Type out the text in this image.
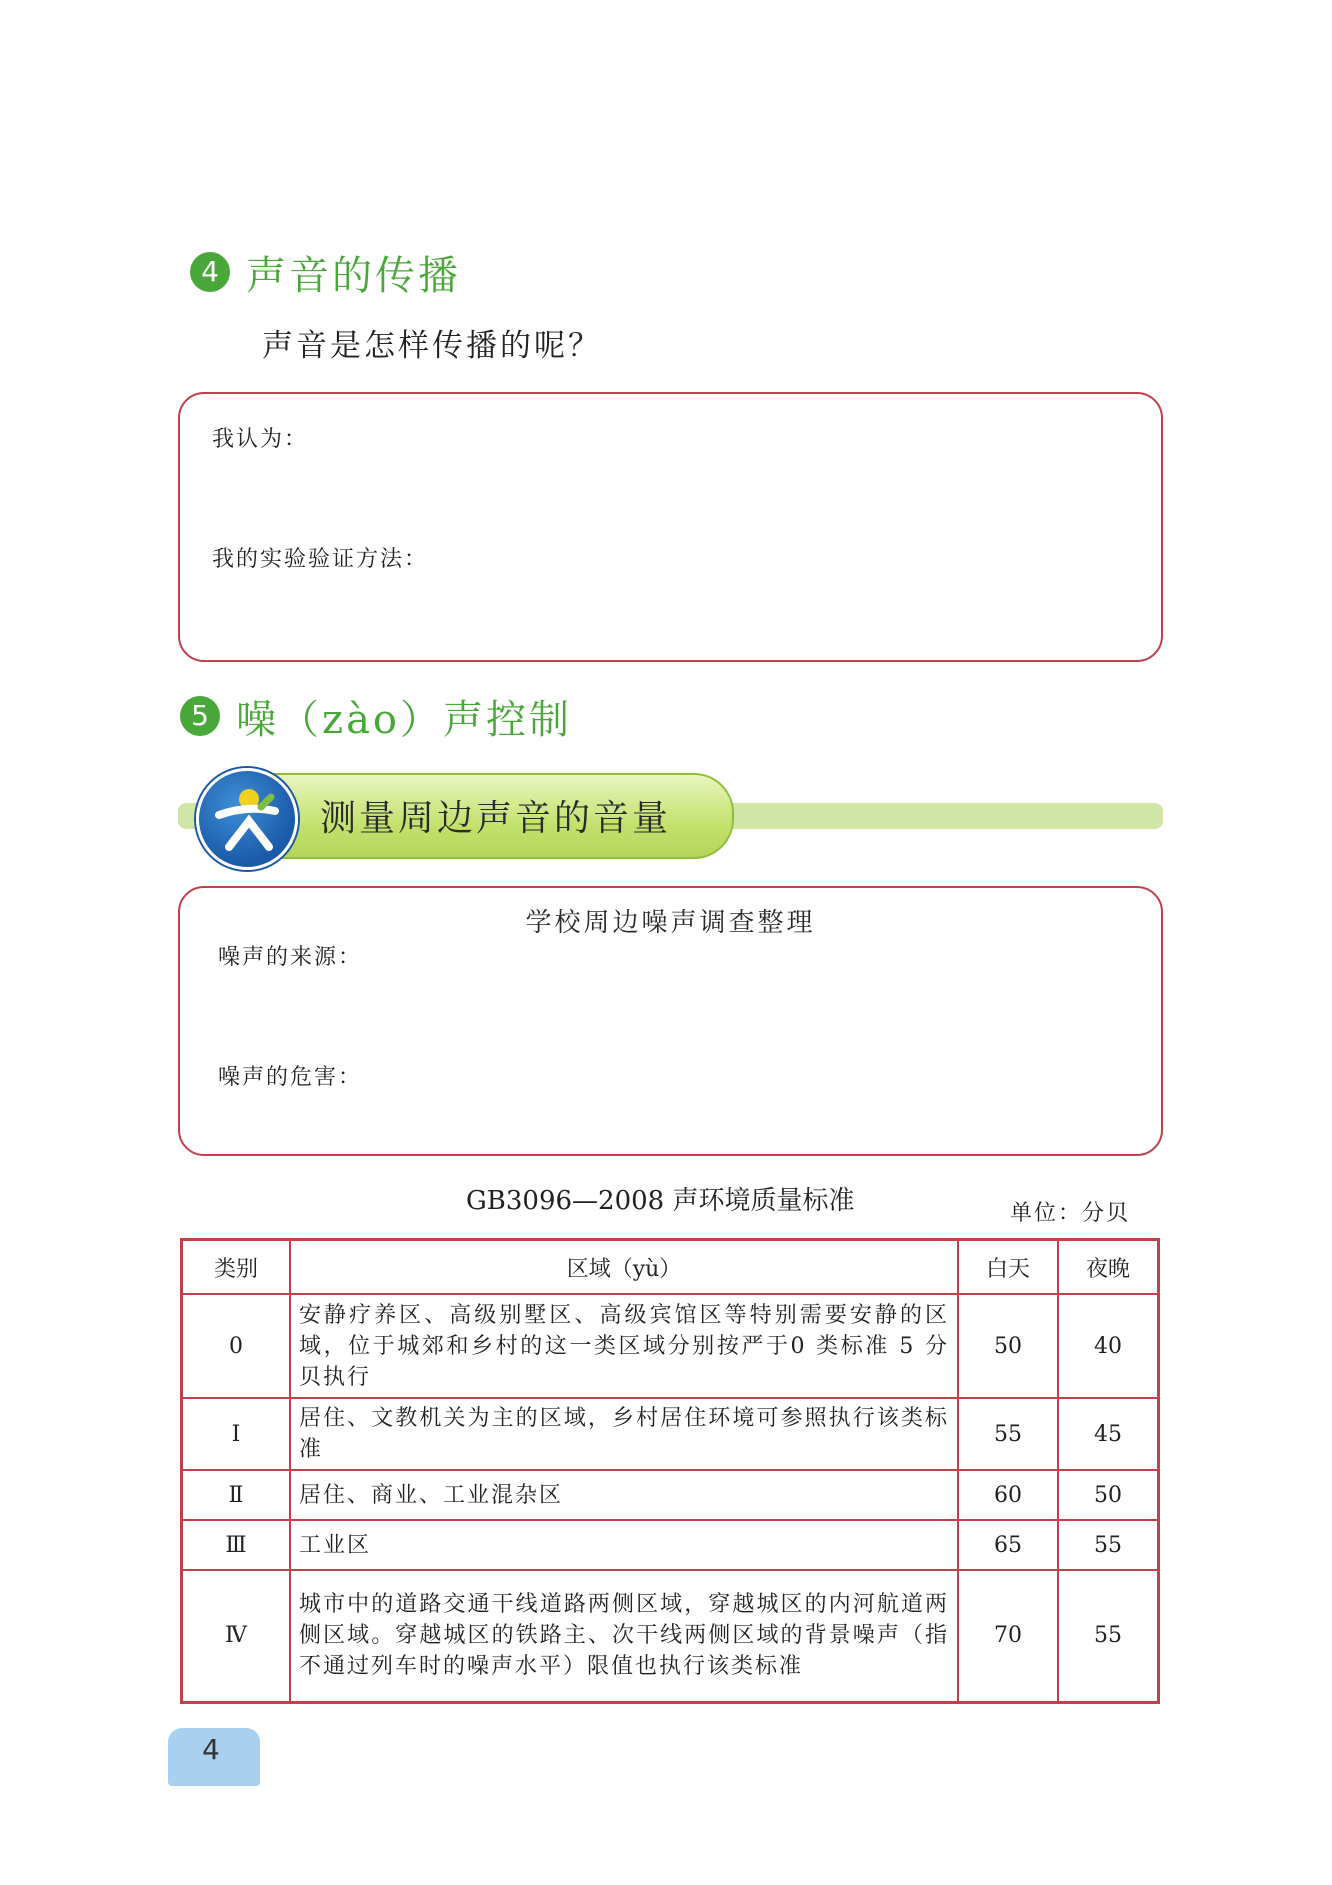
4 声音的传播
声音是怎样传播的呢？
我认为：
我的实验验证方法：
5 噪（zào）声控制
测量周边声音的音量
学校周边噪声调查整理
噪声的来源：
噪声的危害：
GB3096—2008 声环境质量标准	单位：分贝
类别	区域（yù）	白天	夜晚
0	安静疗养区、高级别墅区、高级宾馆区等特别需要安静的区域，位于城郊和乡村的这一类区域分别按严于0 类标准 5 分贝执行	50	40
Ⅰ	居住、文教机关为主的区域，乡村居住环境可参照执行该类标准	55	45
Ⅱ	居住、商业、工业混杂区	60	50
Ⅲ	工业区	65	55
Ⅳ	城市中的道路交通干线道路两侧区域，穿越城区的内河航道两侧区域。穿越城区的铁路主、次干线两侧区域的背景噪声（指不通过列车时的噪声水平）限值也执行该类标准	70	55
4
